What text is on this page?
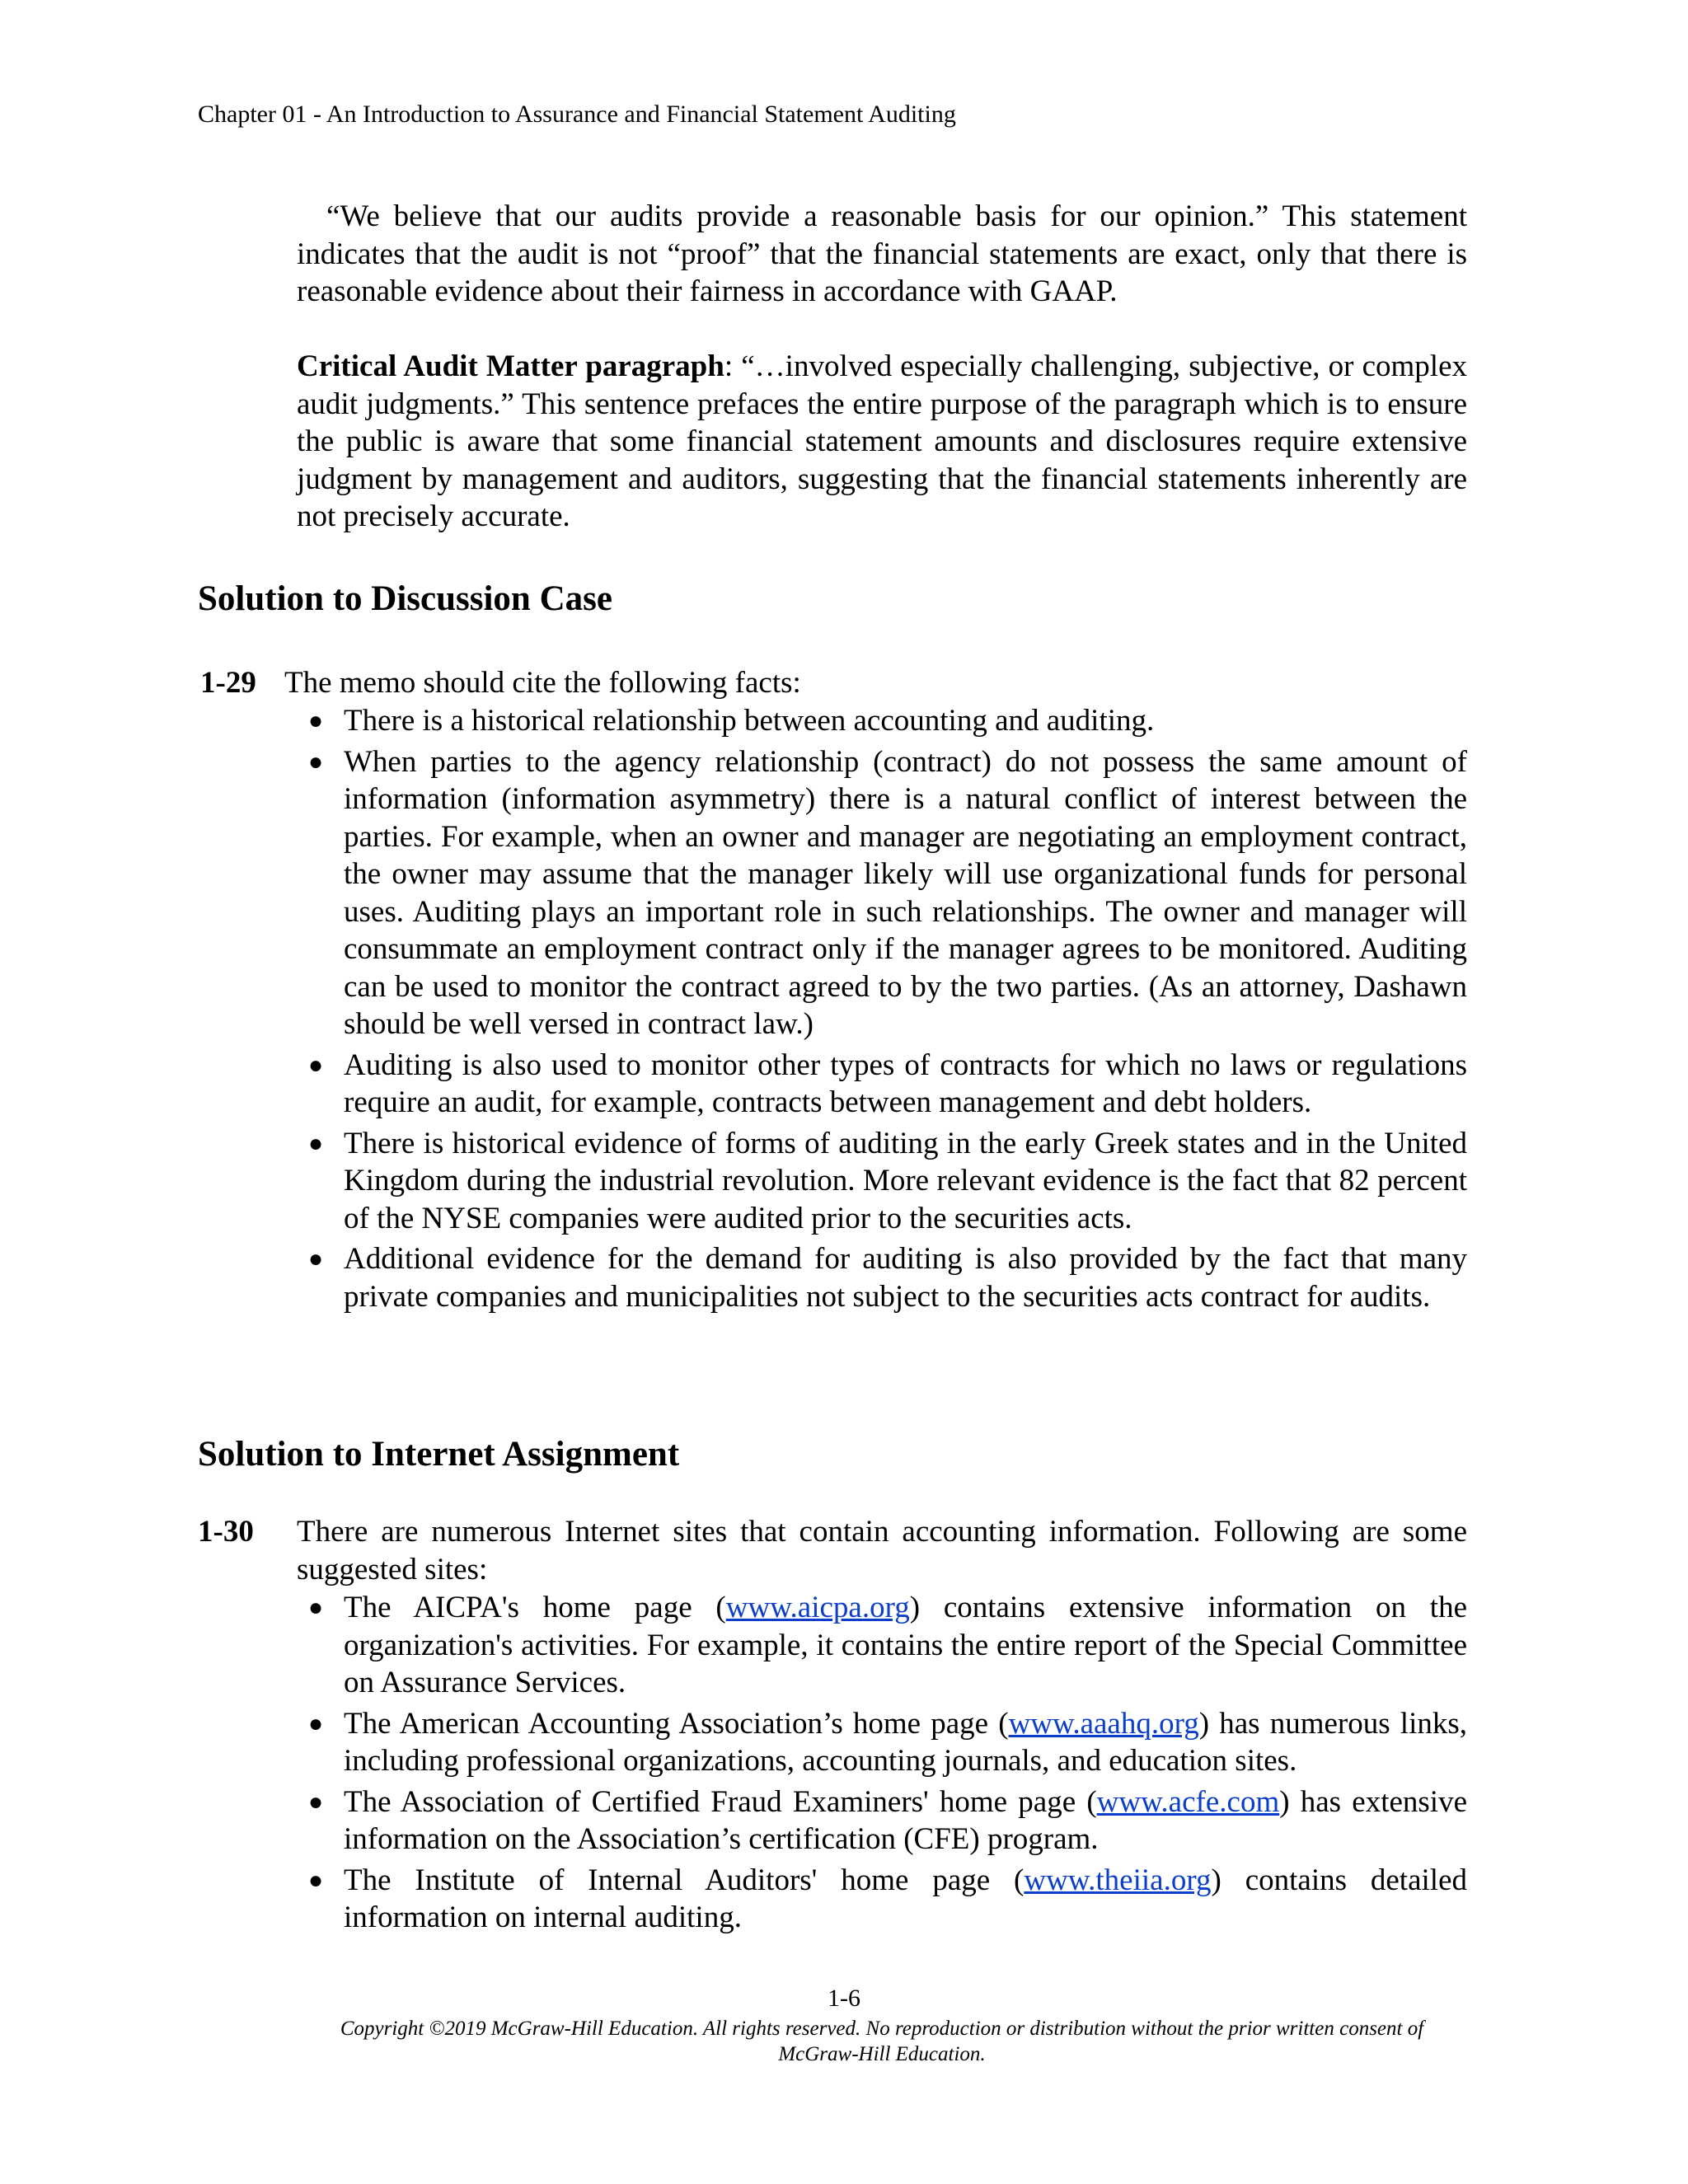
Chapter 01 - An Introduction to Assurance and Financial Statement Auditing

“We believe that our audits provide a reasonable basis for our opinion.” This statement indicates that the audit is not “proof” that the financial statements are exact, only that there is reasonable evidence about their fairness in accordance with GAAP.

Critical Audit Matter paragraph: “…involved especially challenging, subjective, or complex audit judgments.” This sentence prefaces the entire purpose of the paragraph which is to ensure the public is aware that some financial statement amounts and disclosures require extensive judgment by management and auditors, suggesting that the financial statements inherently are not precisely accurate.

Solution to Discussion Case
1-29 The memo should cite the following facts:
● There is a historical relationship between accounting and auditing.
● When parties to the agency relationship (contract) do not possess the same amount of information (information asymmetry) there is a natural conflict of interest between the parties. For example, when an owner and manager are negotiating an employment contract, the owner may assume that the manager likely will use organizational funds for personal uses. Auditing plays an important role in such relationships. The owner and manager will consummate an employment contract only if the manager agrees to be monitored. Auditing can be used to monitor the contract agreed to by the two parties. (As an attorney, Dashawn should be well versed in contract law.)
● Auditing is also used to monitor other types of contracts for which no laws or regulations require an audit, for example, contracts between management and debt holders.
● There is historical evidence of forms of auditing in the early Greek states and in the United Kingdom during the industrial revolution. More relevant evidence is the fact that 82 percent of the NYSE companies were audited prior to the securities acts.
● Additional evidence for the demand for auditing is also provided by the fact that many private companies and municipalities not subject to the securities acts contract for audits.
Solution to Internet Assignment
1-30 There are numerous Internet sites that contain accounting information. Following are some suggested sites:
● The AICPA's home page (www.aicpa.org) contains extensive information on the organization's activities. For example, it contains the entire report of the Special Committee on Assurance Services.
● The American Accounting Association’s home page (www.aaahq.org) has numerous links, including professional organizations, accounting journals, and education sites.
● The Association of Certified Fraud Examiners' home page (www.acfe.com) has extensive information on the Association’s certification (CFE) program.
● The Institute of Internal Auditors' home page (www.theiia.org) contains detailed information on internal auditing.
1-6
Copyright ©2019 McGraw-Hill Education. All rights reserved. No reproduction or distribution without the prior written consent of
McGraw-Hill Education.
